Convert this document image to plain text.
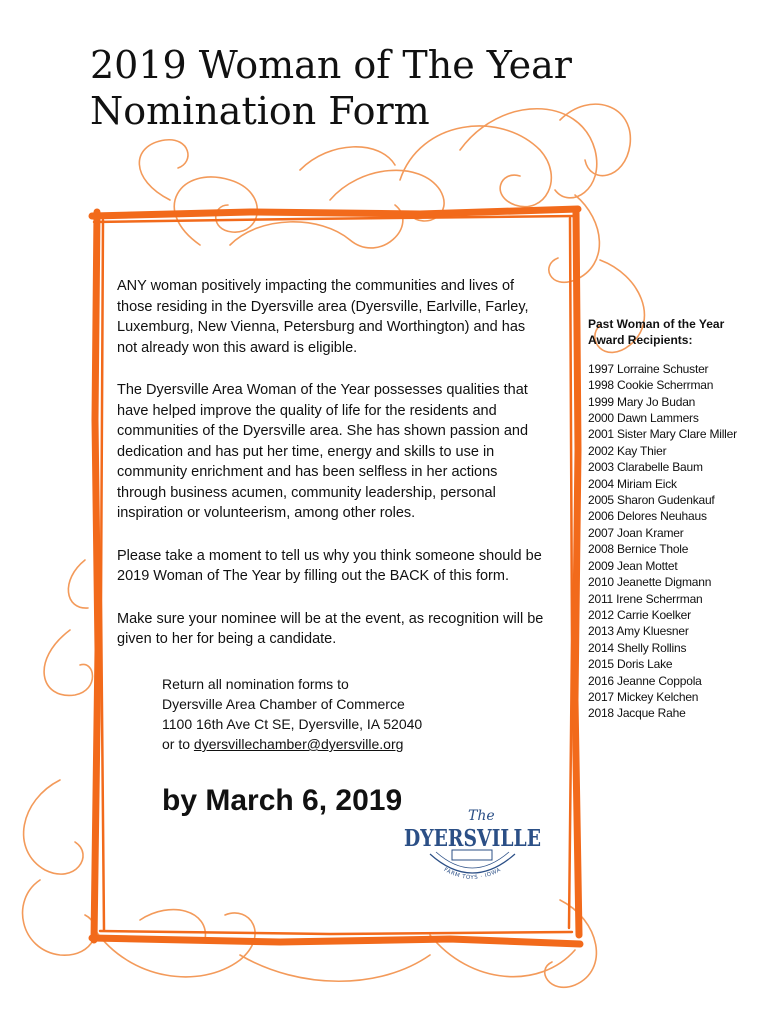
2019 Woman of The Year
Nomination Form

ANY woman positively impacting the communities and lives of those residing in the Dyersville area (Dyersville, Earlville, Farley, Luxemburg, New Vienna, Petersburg and Worthington) and has not already won this award is eligible.

The Dyersville Area Woman of the Year possesses qualities that have helped improve the quality of life for the residents and communities of the Dyersville area. She has shown passion and dedication and has put her time, energy and skills to use in community enrichment and has been selfless in her actions through business acumen, community leadership, personal inspiration or volunteerism, among other roles.

Please take a moment to tell us why you think someone should be 2019 Woman of The Year by filling out the BACK of this form.

Make sure your nominee will be at the event, as recognition will be given to her for being a candidate.

Return all nomination forms to
Dyersville Area Chamber of Commerce
1100 16th Ave Ct SE, Dyersville, IA 52040
or to dyersvillechamber@dyersville.org
by March 6, 2019
Past Woman of the Year
Award Recipients:
1997 Lorraine Schuster
1998 Cookie Scherrman
1999 Mary Jo Budan
2000 Dawn Lammers
2001 Sister Mary Clare Miller
2002 Kay Thier
2003 Clarabelle Baum
2004 Miriam Eick
2005 Sharon Gudenkauf
2006 Delores Neuhaus
2007 Joan Kramer
2008 Bernice Thole
2009 Jean Mottet
2010 Jeanette Digmann
2011 Irene Scherrman
2012 Carrie Koelker
2013 Amy Kluesner
2014 Shelly Rollins
2015 Doris Lake
2016 Jeanne Coppola
2017 Mickey Kelchen
2018 Jacque Rahe
The
DYERSVILLE
FARM TOYS · IOWA
